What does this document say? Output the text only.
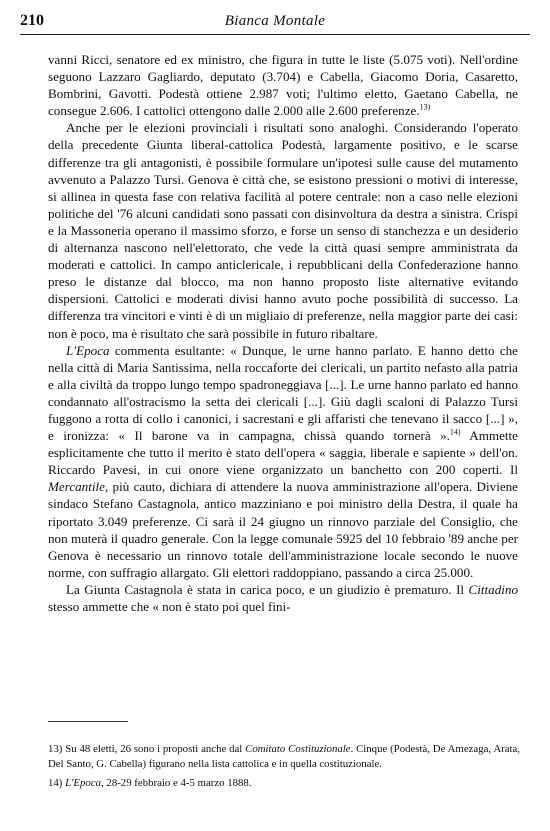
210	Bianca Montale

vanni Ricci, senatore ed ex ministro, che figura in tutte le liste (5.075 voti). Nell'ordine seguono Lazzaro Gagliardo, deputato (3.704) e Cabella, Giacomo Doria, Casaretto, Bombrini, Gavotti. Podestà ottiene 2.987 voti; l'ultimo eletto, Gaetano Cabella, ne consegue 2.606. I cattolici ottengono dalle 2.000 alle 2.600 preferenze.$^{13)}$

Anche per le elezioni provinciali i risultati sono analoghi. Considerando l'operato della precedente Giunta liberal-cattolica Podestà, largamente positivo, e le scarse differenze tra gli antagonisti, è possibile formulare un'ipotesi sulle cause del mutamento avvenuto a Palazzo Tursi. Genova è città che, se esistono pressioni o motivi di interesse, si allinea in questa fase con relativa facilità al potere centrale: non a caso nelle elezioni politiche del '76 alcuni candidati sono passati con disinvoltura da destra a sinistra. Crispi e la Massoneria operano il massimo sforzo, e forse un senso di stanchezza e un desiderio di alternanza nascono nell'elettorato, che vede la città quasi sempre amministrata da moderati e cattolici. In campo anticlericale, i repubblicani della Confederazione hanno preso le distanze dal blocco, ma non hanno proposto liste alternative evitando dispersioni. Cattolici e moderati divisi hanno avuto poche possibilità di successo. La differenza tra vincitori e vinti è di un migliaio di preferenze, nella maggior parte dei casi: non è poco, ma è risultato che sarà possibile in futuro ribaltare.

L'Epoca commenta esultante: « Dunque, le urne hanno parlato. E hanno detto che nella città di Maria Santissima, nella roccaforte dei clericali, un partito nefasto alla patria e alla civiltà da troppo lungo tempo spadroneggiava [...]. Le urne hanno parlato ed hanno condannato all'ostracismo la setta dei clericali [...]. Giù dagli scaloni di Palazzo Tursi fuggono a rotta di collo i canonici, i sacrestani e gli affaristi che tenevano il sacco [...] », e ironizza: « Il barone va in campagna, chissà quando tornerà ».$^{14)}$ Ammette esplicitamente che tutto il merito è stato dell'opera « saggia, liberale e sapiente » dell'on. Riccardo Pavesi, in cui onore viene organizzato un banchetto con 200 coperti. Il Mercantile, più cauto, dichiara di attendere la nuova amministrazione all'opera. Diviene sindaco Stefano Castagnola, antico mazziniano e poi ministro della Destra, il quale ha riportato 3.049 preferenze. Ci sarà il 24 giugno un rinnovo parziale del Consiglio, che non muterà il quadro generale. Con la legge comunale 5925 del 10 febbraio '89 anche per Genova è necessario un rinnovo totale dell'amministrazione locale secondo le nuove norme, con suffragio allargato. Gli elettori raddoppiano, passando a circa 25.000.

La Giunta Castagnola è stata in carica poco, e un giudizio è prematuro. Il Cittadino stesso ammette che « non è stato poi quel fini-

13) Su 48 eletti, 26 sono i proposti anche dal Comitato Costituzionale. Cinque (Podestà, De Amezaga, Arata, Del Santo, G. Cabella) figurano nella lista cattolica e in quella costituzionale.

14) L'Epoca, 28-29 febbraio e 4-5 marzo 1888.
